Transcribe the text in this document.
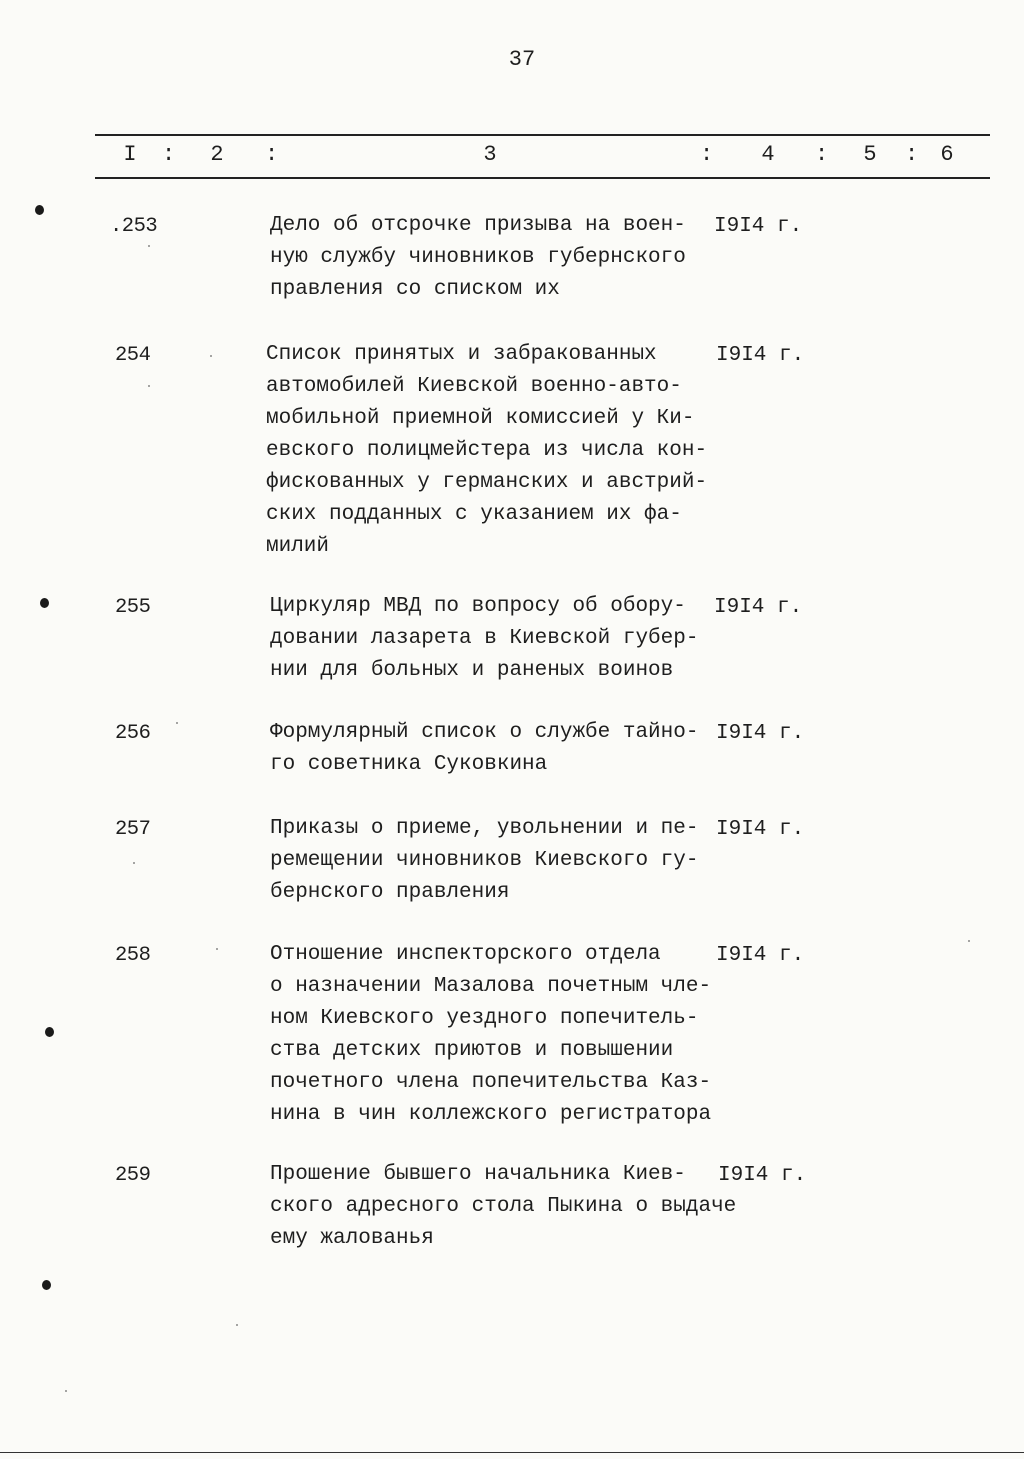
37
I	:	2	:	3	:	4	:	5	:	6
.253	Дело об отсрочке призыва на воен-
ную службу чиновников губернского
правления со списком их
I9I4 г.
254	Список принятых и забракованных
автомобилей Киевской военно-авто-
мобильной приемной комиссией у Ки-
евского полицмейстера из числа кон-
фискованных у германских и австрий-
ских подданных с указанием их фа-
милий
I9I4 г.
255	Циркуляр МВД по вопросу об обору-
довании лазарета в Киевской губер-
нии для больных и раненых воинов
I9I4 г.
256	Формулярный список о службе тайно-
го советника Суковкина
I9I4 г.
257	Приказы о приеме, увольнении и пе-
ремещении чиновников Киевского гу-
бернского правления
I9I4 г.
258	Отношение инспекторского отдела
о назначении Мазалова почетным чле-
ном Киевского уездного попечитель-
ства детских приютов и повышении
почетного члена попечительства Каз-
нина в чин коллежского регистратора
I9I4 г.
259	Прошение бывшего начальника Киев-
ского адресного стола Пыкина о выдаче
ему жалованья
I9I4 г.
